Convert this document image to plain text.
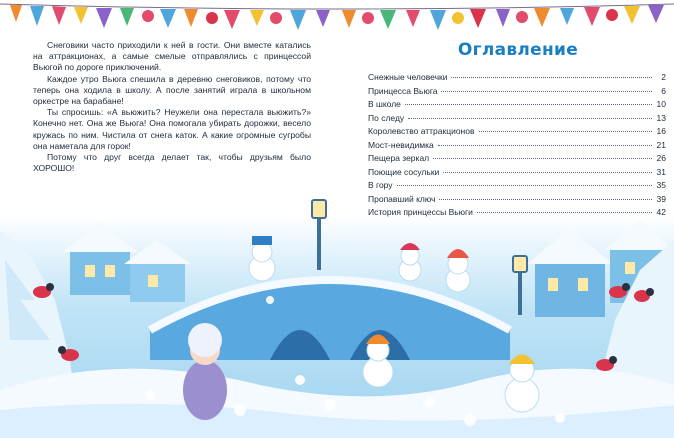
Снеговики часто приходили к ней в гости. Они вместе катались на аттракционах, а самые смелые отправлялись с принцессой Вьюгой по дороге приключений.

Каждое утро Вьюга спешила в деревню снеговиков, потому что теперь она ходила в школу. А после занятий играла в школьном оркестре на барабане!

Ты спросишь: «А вьюжить? Неужели она перестала вьюжить?» Конечно нет. Она же Вьюга! Она помогала убирать дорожки, весело кружась по ним. Чистила от снега каток. А какие огромные сугробы она наметала для горок!

Потому что друг всегда делает так, чтобы друзьям было ХОРОШО!

Оглавление
Снежные человечки	2
Принцесса Вьюга	6
В школе	10
По следу	13
Королевство аттракционов	16
Мост-невидимка	21
Пещера зеркал	26
Поющие сосульки	31
В гору	35
Пропавший ключ	39
История принцессы Вьюги	42
